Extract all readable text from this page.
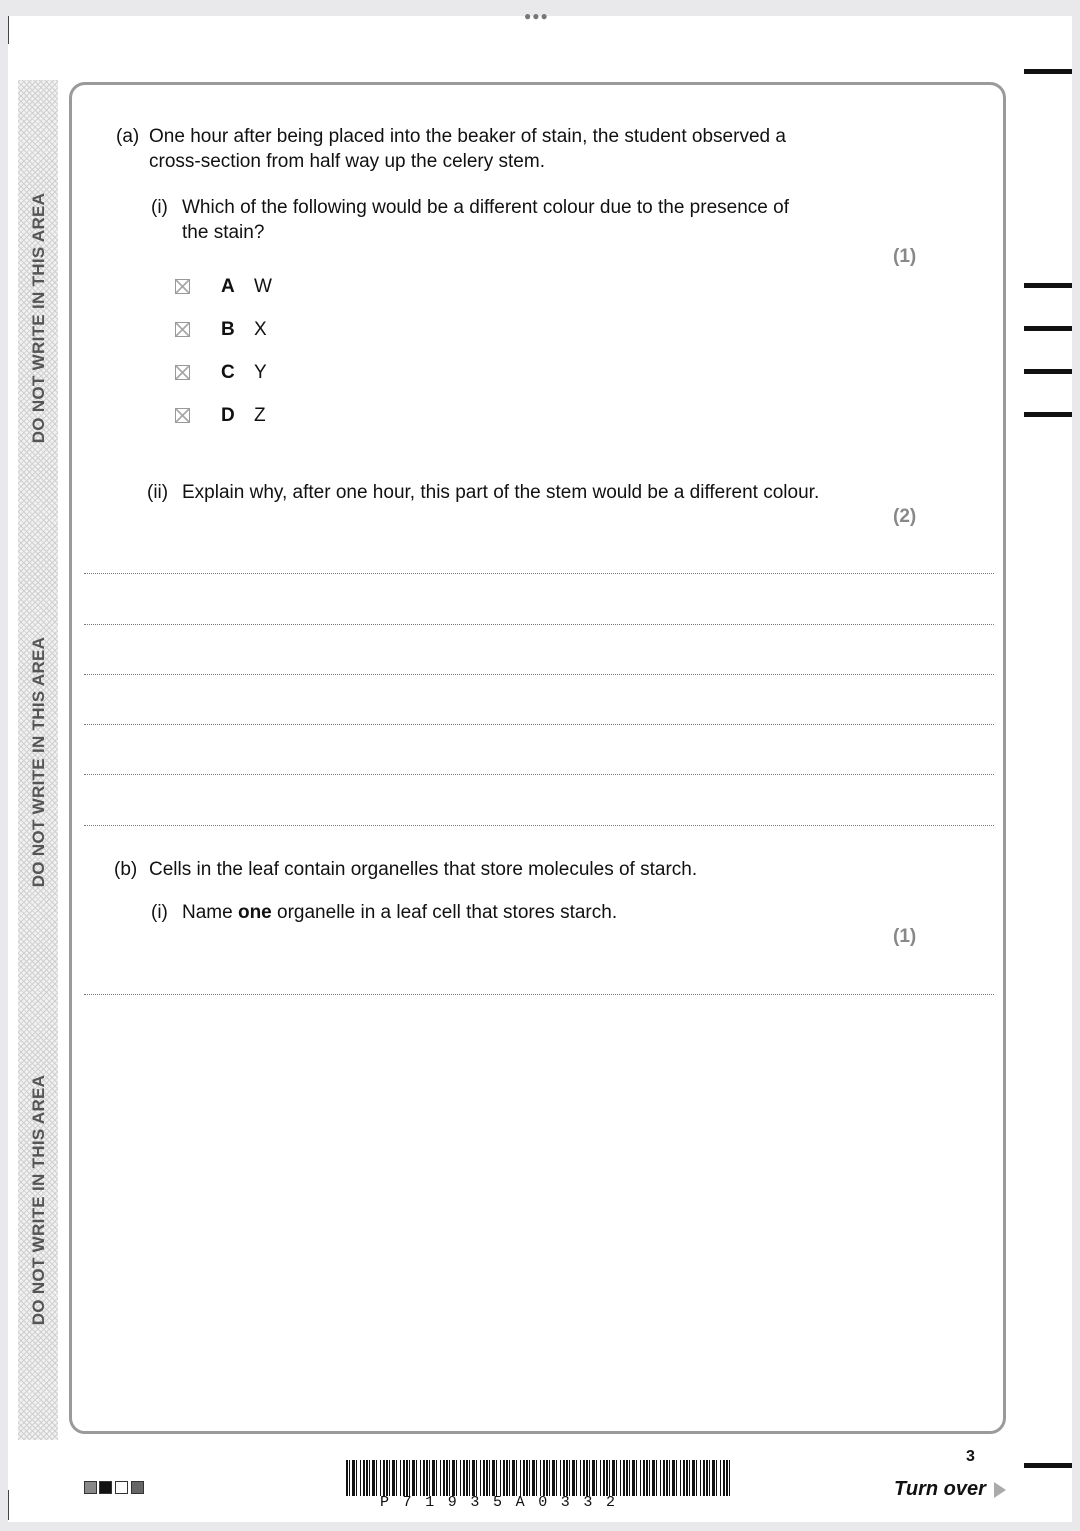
●●●
DO NOT WRITE IN THIS AREA
DO NOT WRITE IN THIS AREA
DO NOT WRITE IN THIS AREA
(a) One hour after being placed into the beaker of stain, the student observed a
cross-section from half way up the celery stem.
(i) Which of the following would be a different colour due to the presence of
the stain?
(1)
A W
B X
C Y
D Z
(ii) Explain why, after one hour, this part of the stem would be a different colour.
(2)
(b) Cells in the leaf contain organelles that store molecules of starch.
(i) Name one organelle in a leaf cell that stores starch.
(1)
P71935A0332
3
Turn over
